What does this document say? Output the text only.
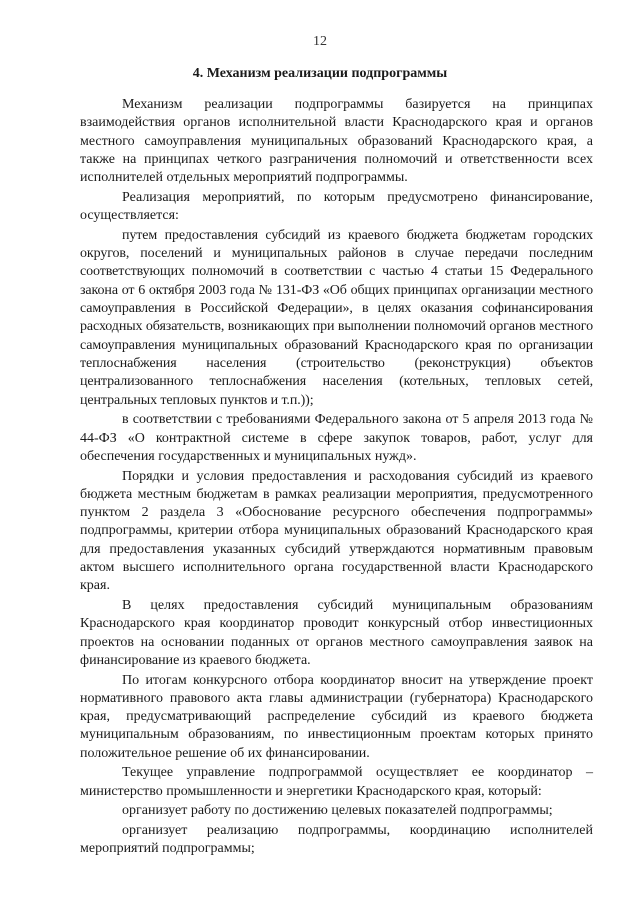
12
4. Механизм реализации подпрограммы

Механизм реализации подпрограммы базируется на принципах взаимодействия органов исполнительной власти Краснодарского края и органов местного самоуправления муниципальных образований Краснодарского края, а также на принципах четкого разграничения полномочий и ответственности всех исполнителей отдельных мероприятий подпрограммы.

Реализация мероприятий, по которым предусмотрено финансирование, осуществляется:

путем предоставления субсидий из краевого бюджета бюджетам городских округов, поселений и муниципальных районов в случае передачи последним соответствующих полномочий в соответствии с частью 4 статьи 15 Федерального закона от 6 октября 2003 года № 131-ФЗ «Об общих принципах организации местного самоуправления в Российской Федерации», в целях оказания софинансирования расходных обязательств, возникающих при выполнении полномочий органов местного самоуправления муниципальных образований Краснодарского края по организации теплоснабжения населения (строительство (реконструкция) объектов централизованного теплоснабжения населения (котельных, тепловых сетей, центральных тепловых пунктов и т.п.));

в соответствии с требованиями Федерального закона от 5 апреля 2013 года № 44-ФЗ «О контрактной системе в сфере закупок товаров, работ, услуг для обеспечения государственных и муниципальных нужд».

Порядки и условия предоставления и расходования субсидий из краевого бюджета местным бюджетам в рамках реализации мероприятия, предусмотренного пунктом 2 раздела 3 «Обоснование ресурсного обеспечения подпрограммы» подпрограммы, критерии отбора муниципальных образований Краснодарского края для предоставления указанных субсидий утверждаются нормативным правовым актом высшего исполнительного органа государственной власти Краснодарского края.

В целях предоставления субсидий муниципальным образованиям Краснодарского края координатор проводит конкурсный отбор инвестиционных проектов на основании поданных от органов местного самоуправления заявок на финансирование из краевого бюджета.

По итогам конкурсного отбора координатор вносит на утверждение проект нормативного правового акта главы администрации (губернатора) Краснодарского края, предусматривающий распределение субсидий из краевого бюджета муниципальным образованиям, по инвестиционным проектам которых принято положительное решение об их финансировании.

Текущее управление подпрограммой осуществляет ее координатор – министерство промышленности и энергетики Краснодарского края, который:

организует работу по достижению целевых показателей подпрограммы;

организует реализацию подпрограммы, координацию исполнителей мероприятий подпрограммы;
